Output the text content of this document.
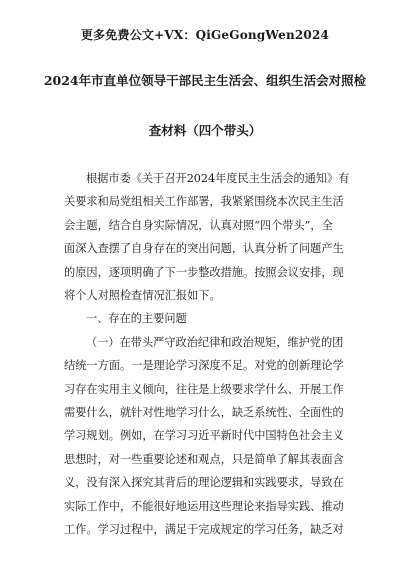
更多免费公文+VX：QiGeGongWen2024
2024年市直单位领导干部民主生活会、组织生活会对照检
查材料（四个带头）
根据市委《关于召开2024年度民主生活会的通知》有
关要求和局党组相关工作部署，我紧紧围绕本次民主生活
会主题，结合自身实际情况，认真对照“四个带头”，全
面深入查摆了自身存在的突出问题，认真分析了问题产生
的原因，逐项明确了下一步整改措施。按照会议安排，现
将个人对照检查情况汇报如下。
一、存在的主要问题
（一）在带头严守政治纪律和政治规矩，维护党的团
结统一方面。一是理论学习深度不足。对党的创新理论学
习存在实用主义倾向，往往是上级要求学什么、开展工作
需要什么，就针对性地学习什么，缺乏系统性、全面性的
学习规划。例如，在学习习近平新时代中国特色社会主义
思想时，对一些重要论述和观点，只是简单了解其表面含
义，没有深入探究其背后的理论逻辑和实践要求，导致在
实际工作中，不能很好地运用这些理论来指导实践、推动
工作。学习过程中，满足于完成规定的学习任务，缺乏对
